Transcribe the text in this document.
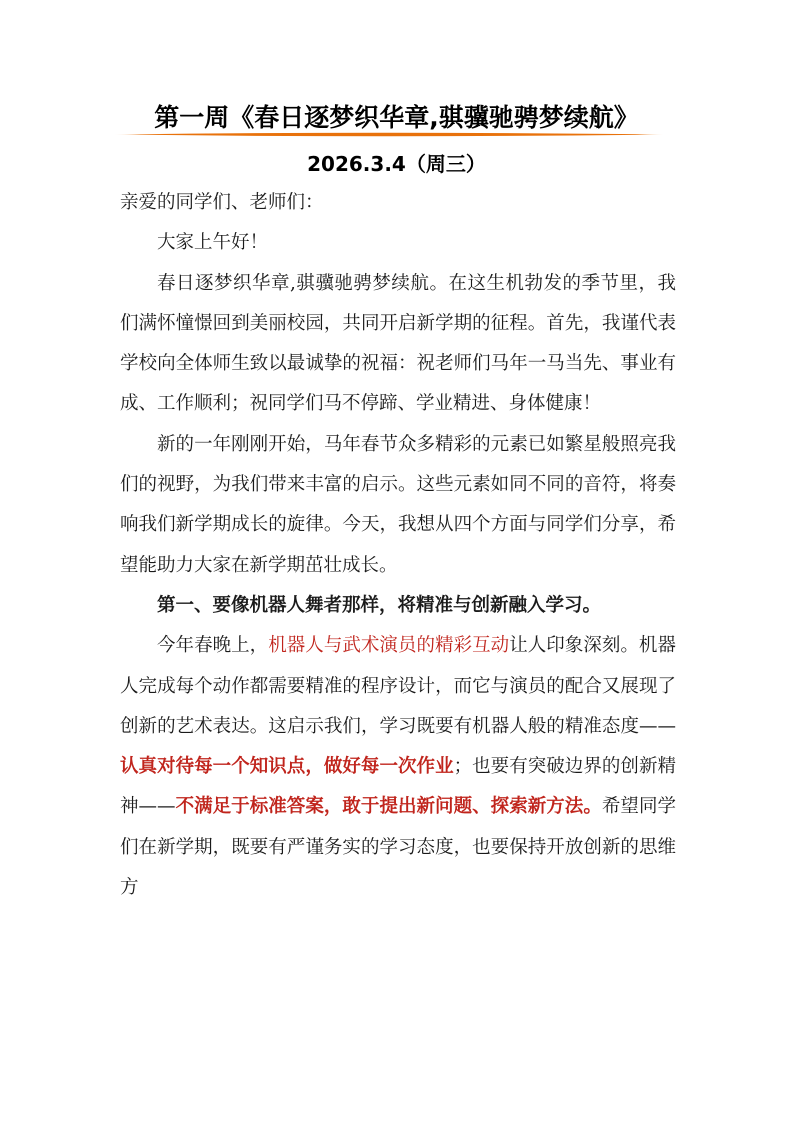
第一周《春日逐梦织华章,骐骥驰骋梦续航》
2026.3.4（周三）

亲爱的同学们、老师们：

大家上午好！

春日逐梦织华章,骐骥驰骋梦续航。在这生机勃发的季节里，我们满怀憧憬回到美丽校园，共同开启新学期的征程。首先，我谨代表学校向全体师生致以最诚挚的祝福：祝老师们马年一马当先、事业有成、工作顺利；祝同学们马不停蹄、学业精进、身体健康！

新的一年刚刚开始，马年春节众多精彩的元素已如繁星般照亮我们的视野，为我们带来丰富的启示。这些元素如同不同的音符，将奏响我们新学期成长的旋律。今天，我想从四个方面与同学们分享，希望能助力大家在新学期茁壮成长。

第一、要像机器人舞者那样，将精准与创新融入学习。

今年春晚上，机器人与武术演员的精彩互动让人印象深刻。机器人完成每个动作都需要精准的程序设计，而它与演员的配合又展现了创新的艺术表达。这启示我们，学习既要有机器人般的精准态度——认真对待每一个知识点，做好每一次作业；也要有突破边界的创新精神——不满足于标准答案，敢于提出新问题、探索新方法。希望同学们在新学期，既要有严谨务实的学习态度，也要保持开放创新的思维方
